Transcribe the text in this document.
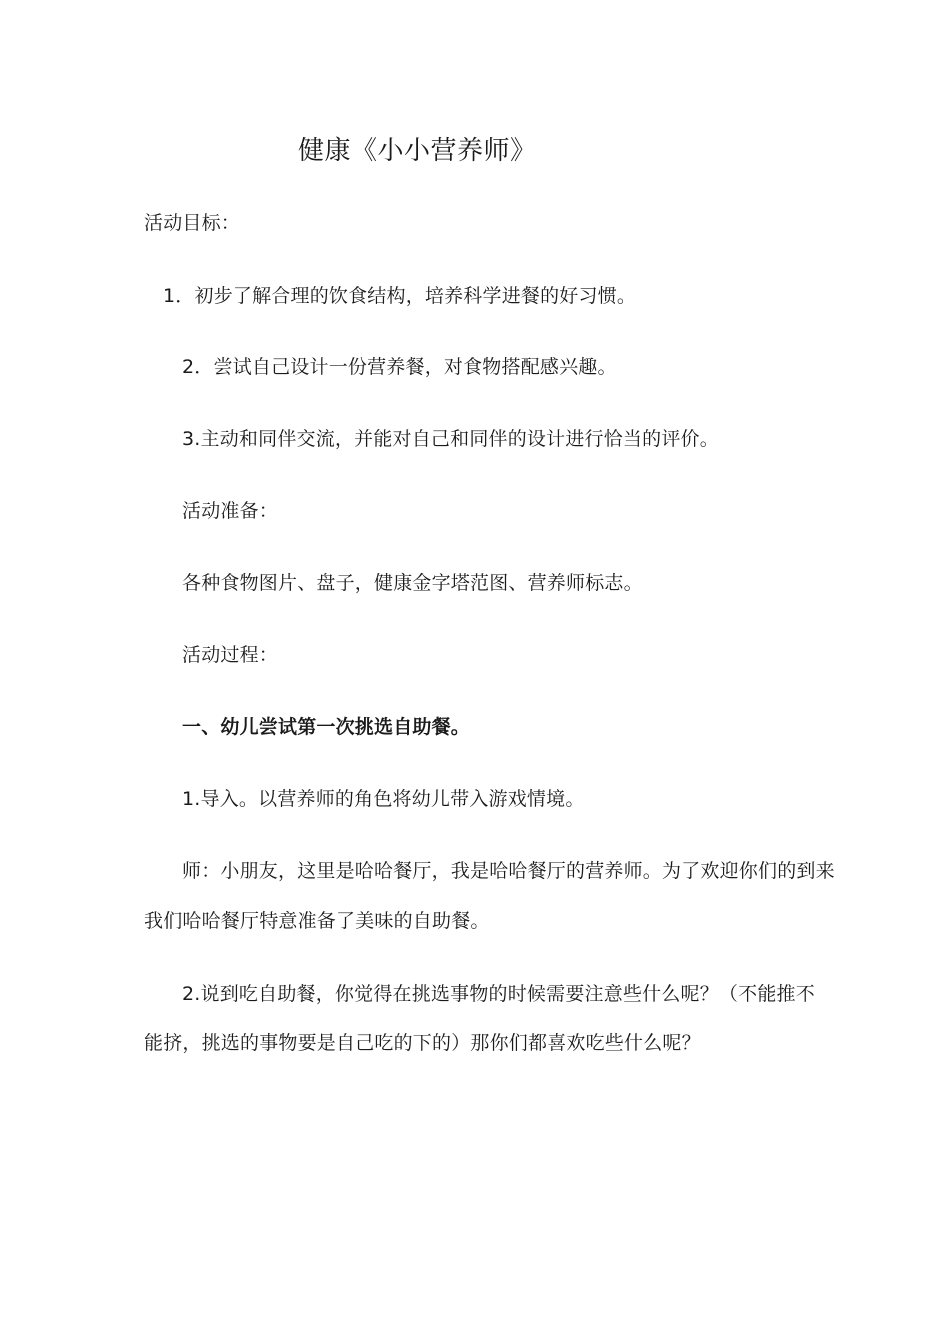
健康《小小营养师》
活动目标：
1．初步了解合理的饮食结构，培养科学进餐的好习惯。
2．尝试自己设计一份营养餐，对食物搭配感兴趣。
3.主动和同伴交流，并能对自己和同伴的设计进行恰当的评价。
活动准备：
各种食物图片、盘子，健康金字塔范图、营养师标志。
活动过程：
一、幼儿尝试第一次挑选自助餐。
1.导入。以营养师的角色将幼儿带入游戏情境。
师：小朋友，这里是哈哈餐厅，我是哈哈餐厅的营养师。为了欢迎你们的到来
我们哈哈餐厅特意准备了美味的自助餐。
2.说到吃自助餐，你觉得在挑选事物的时候需要注意些什么呢？（不能推不
能挤，挑选的事物要是自己吃的下的）那你们都喜欢吃些什么呢？
